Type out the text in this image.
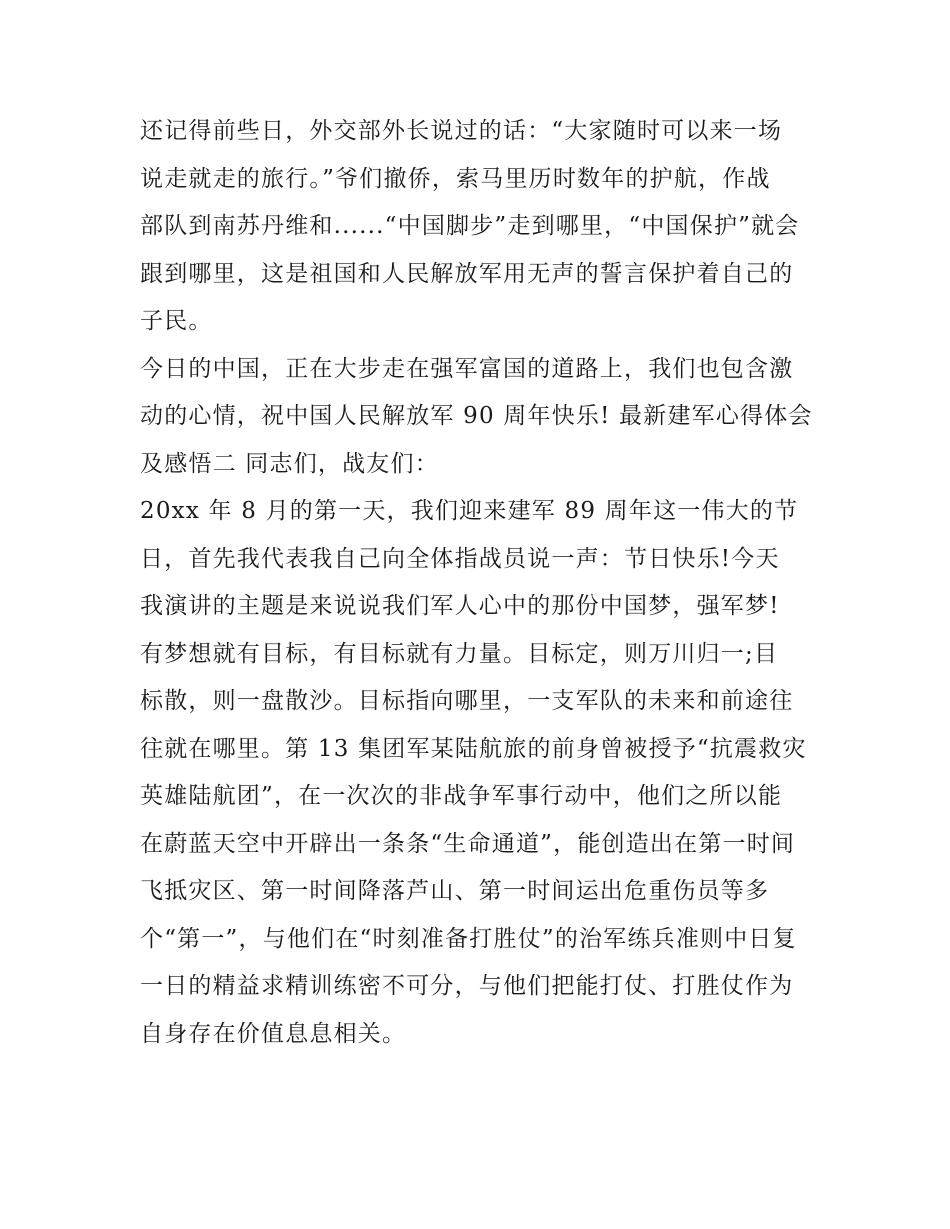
还记得前些日，外交部外长说过的话：“大家随时可以来一场
说走就走的旅行。”爷们撤侨，索马里历时数年的护航，作战
部队到南苏丹维和......“中国脚步”走到哪里，“中国保护”就会
跟到哪里，这是祖国和人民解放军用无声的誓言保护着自己的
子民。
今日的中国，正在大步走在强军富国的道路上，我们也包含激
动的心情，祝中国人民解放军 90 周年快乐! 最新建军心得体会
及感悟二 同志们，战友们：
20xx 年 8 月的第一天，我们迎来建军 89 周年这一伟大的节
日，首先我代表我自己向全体指战员说一声：节日快乐!今天
我演讲的主题是来说说我们军人心中的那份中国梦，强军梦!
有梦想就有目标，有目标就有力量。目标定，则万川归一;目
标散，则一盘散沙。目标指向哪里，一支军队的未来和前途往
往就在哪里。第 13 集团军某陆航旅的前身曾被授予“抗震救灾
英雄陆航团”，在一次次的非战争军事行动中，他们之所以能
在蔚蓝天空中开辟出一条条“生命通道”，能创造出在第一时间
飞抵灾区、第一时间降落芦山、第一时间运出危重伤员等多
个“第一”，与他们在“时刻准备打胜仗”的治军练兵准则中日复
一日的精益求精训练密不可分，与他们把能打仗、打胜仗作为
自身存在价值息息相关。
